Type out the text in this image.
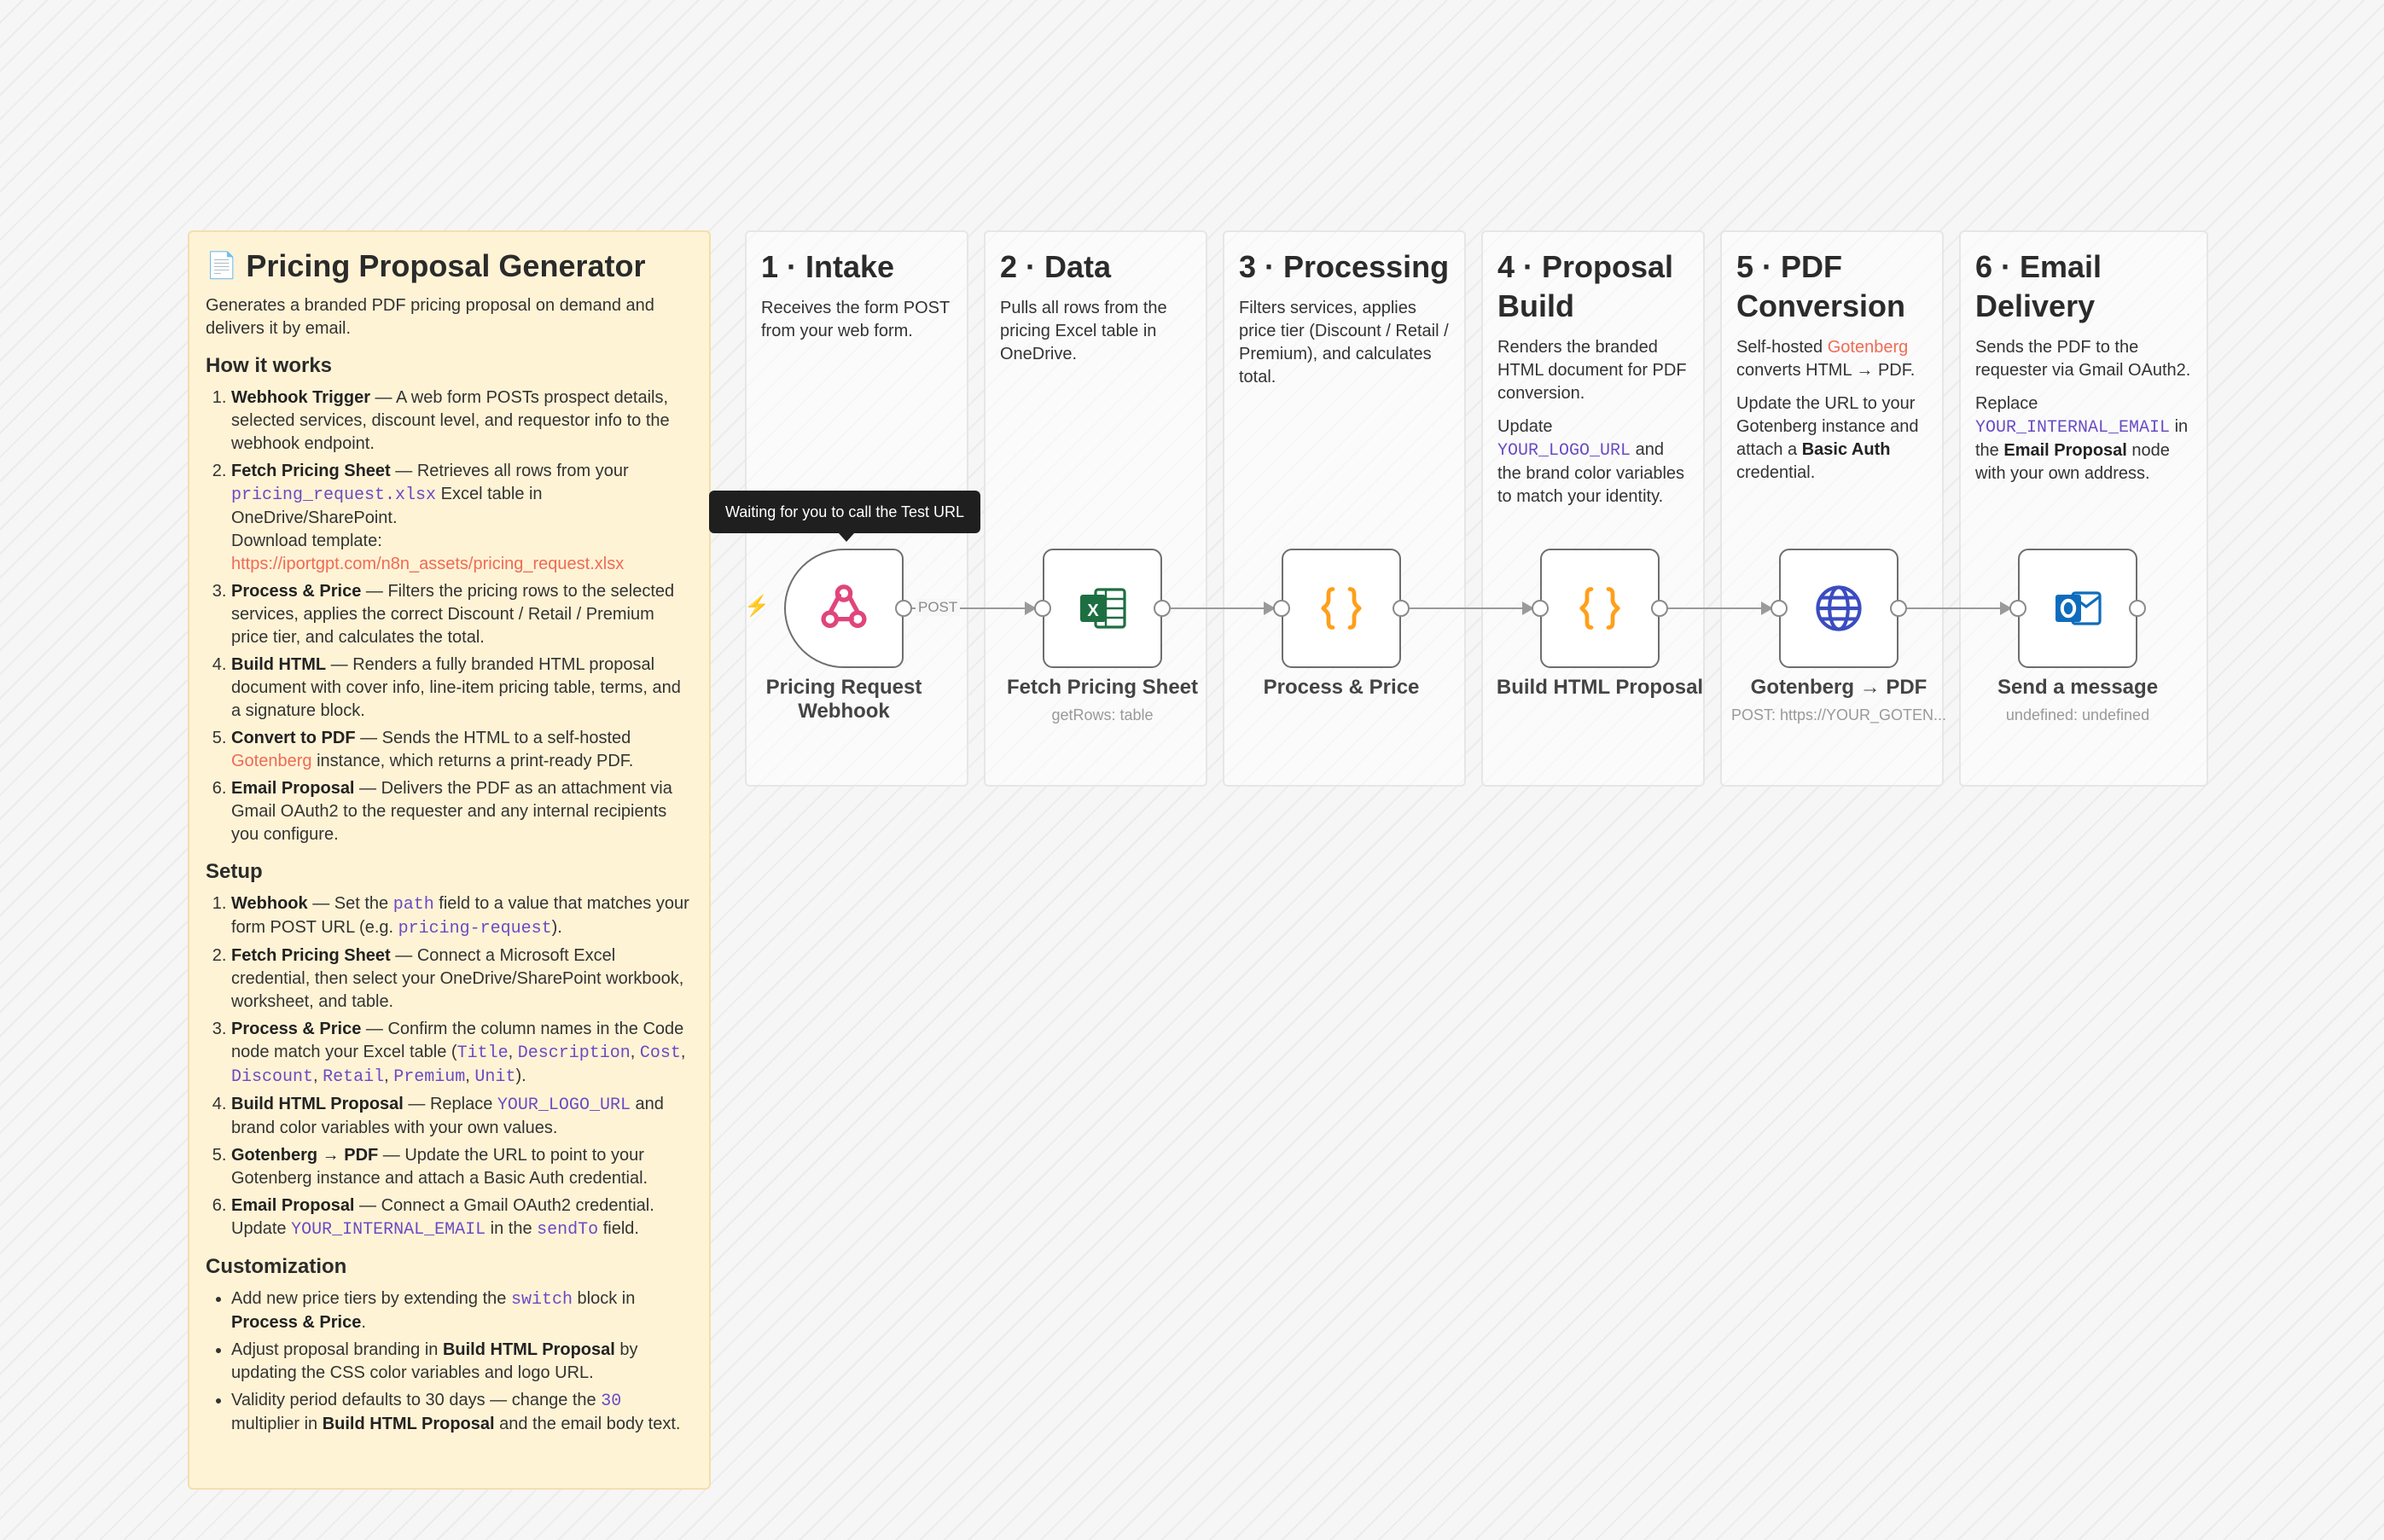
📄 Pricing Proposal Generator

Generates a branded PDF pricing proposal on demand and delivers it by email.

How it works
1. Webhook Trigger — A web form POSTs prospect details, selected services, discount level, and requestor info to the webhook endpoint.
2. Fetch Pricing Sheet — Retrieves all rows from your pricing_request.xlsx Excel table in OneDrive/SharePoint.
Download template:
https://iportgpt.com/n8n_assets/pricing_request.xlsx
3. Process & Price — Filters the pricing rows to the selected services, applies the correct Discount / Retail / Premium price tier, and calculates the total.
4. Build HTML — Renders a fully branded HTML proposal document with cover info, line-item pricing table, terms, and a signature block.
5. Convert to PDF — Sends the HTML to a self-hosted Gotenberg instance, which returns a print-ready PDF.
6. Email Proposal — Delivers the PDF as an attachment via Gmail OAuth2 to the requester and any internal recipients you configure.
Setup
1. Webhook — Set the path field to a value that matches your form POST URL (e.g. pricing-request).
2. Fetch Pricing Sheet — Connect a Microsoft Excel credential, then select your OneDrive/SharePoint workbook, worksheet, and table.
3. Process & Price — Confirm the column names in the Code node match your Excel table (Title, Description, Cost, Discount, Retail, Premium, Unit).
4. Build HTML Proposal — Replace YOUR_LOGO_URL and brand color variables with your own values.
5. Gotenberg → PDF — Update the URL to point to your Gotenberg instance and attach a Basic Auth credential.
6. Email Proposal — Connect a Gmail OAuth2 credential. Update YOUR_INTERNAL_EMAIL in the sendTo field.
Customization
• Add new price tiers by extending the switch block in Process & Price.
• Adjust proposal branding in Build HTML Proposal by updating the CSS color variables and logo URL.
• Validity period defaults to 30 days — change the 30 multiplier in Build HTML Proposal and the email body text.
1 · Intake

Receives the form POST from your web form.

2 · Data

Pulls all rows from the pricing Excel table in OneDrive.

3 · Processing

Filters services, applies price tier (Discount / Retail / Premium), and calculates total.

4 · Proposal Build

Renders the branded HTML document for PDF conversion.

Update YOUR_LOGO_URL and the brand color variables to match your identity.

5 · PDF Conversion

Self-hosted Gotenberg converts HTML → PDF.

Update the URL to your Gotenberg instance and attach a Basic Auth credential.

6 · Email Delivery

Sends the PDF to the requester via Gmail OAuth2.

Replace YOUR_INTERNAL_EMAIL in the Email Proposal node with your own address.

POST
⚡
Pricing Request Webhook
X
Fetch Pricing Sheet
getRows: table
Process & Price	Build HTML Proposal	Gotenberg → PDF
POST: https://YOUR_GOTEN...
Send a message
undefined: undefined
Waiting for you to call the Test URL
